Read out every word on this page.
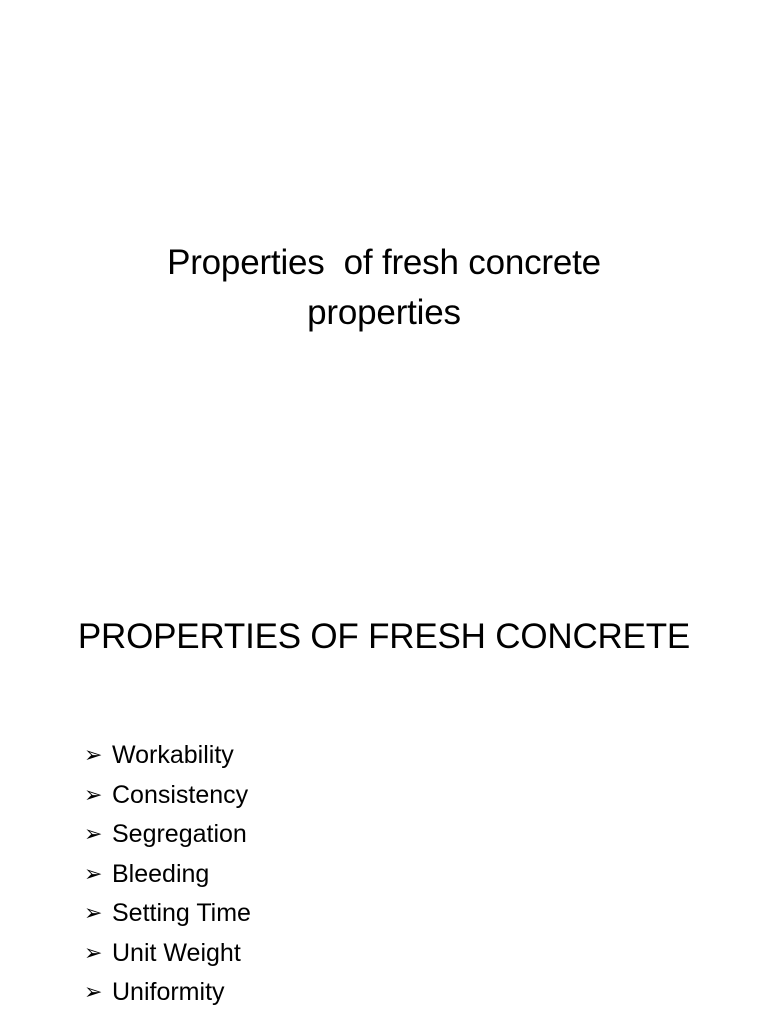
Properties  of fresh concrete
properties
PROPERTIES OF FRESH CONCRETE
➢ Workability
➢ Consistency
➢ Segregation
➢ Bleeding
➢ Setting Time
➢ Unit Weight
➢ Uniformity
